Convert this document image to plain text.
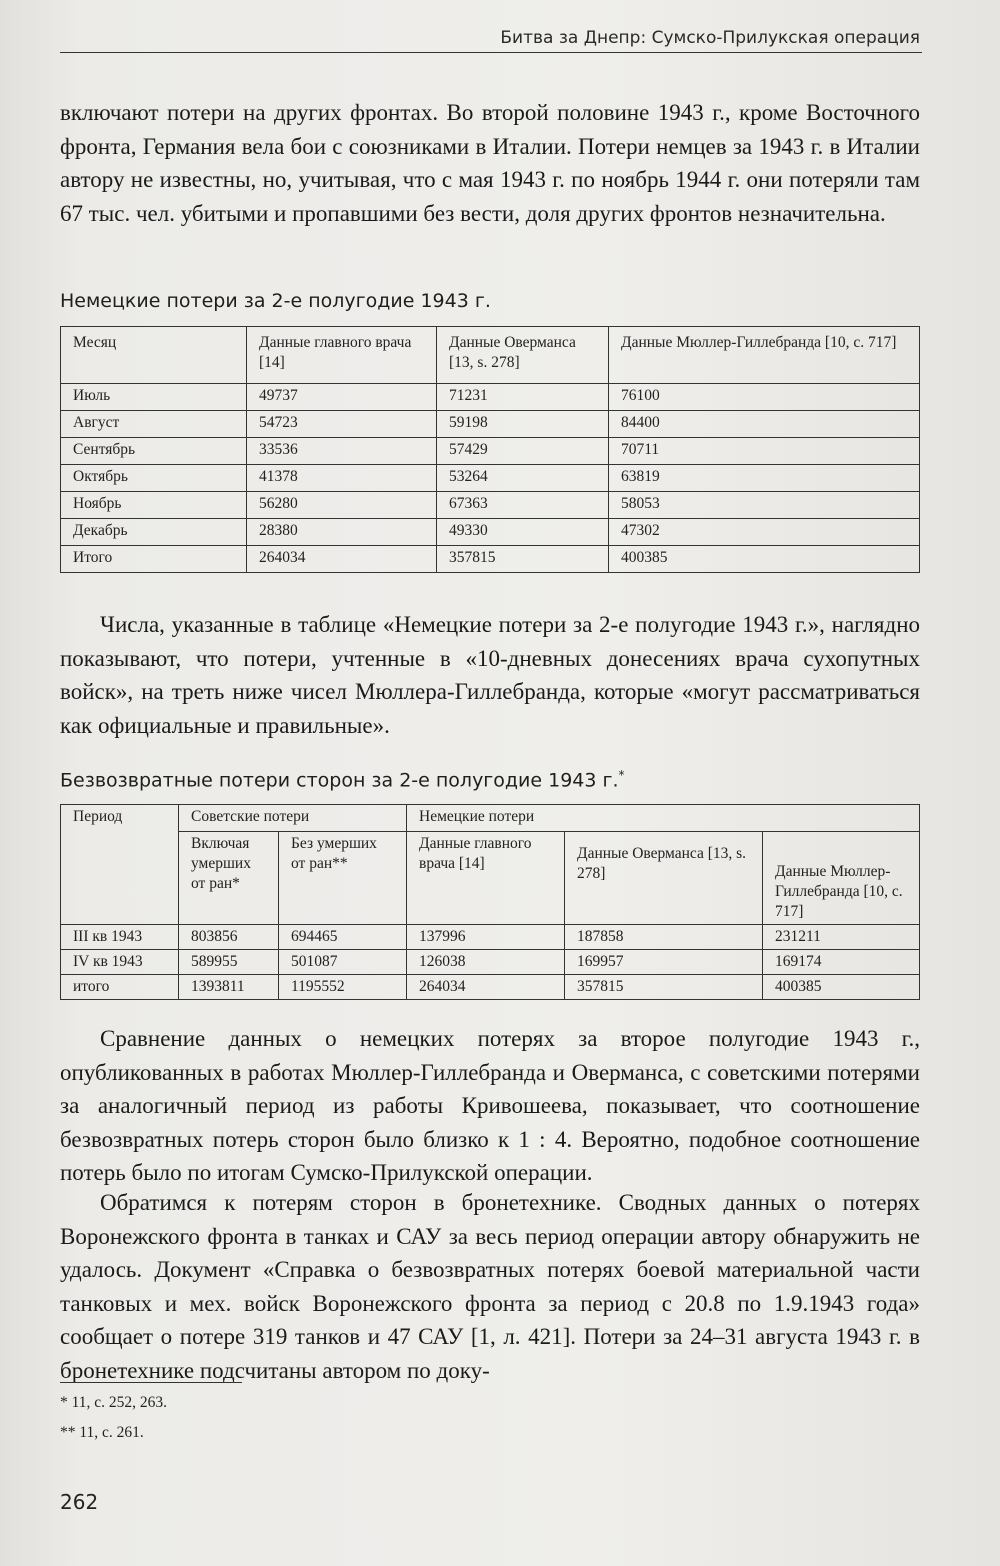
Битва за Днепр: Сумско-Прилукская операция

включают потери на других фронтах. Во второй половине 1943 г., кроме Восточного фронта, Германия вела бои с союзниками в Италии. Потери немцев за 1943 г. в Италии автору не известны, но, учитывая, что с мая 1943 г. по ноябрь 1944 г. они потеряли там 67 тыс. чел. убитыми и пропавшими без вести, доля других фронтов незначительна.

Немецкие потери за 2-е полугодие 1943 г.
Месяц	Данные главного врача [14]	Данные Оверманса [13, s. 278]	Данные Мюллер-Гиллебранда [10, с. 717]
Июль	49737	71231	76100
Август	54723	59198	84400
Сентябрь	33536	57429	70711
Октябрь	41378	53264	63819
Ноябрь	56280	67363	58053
Декабрь	28380	49330	47302
Итого	264034	357815	400385

Числа, указанные в таблице «Немецкие потери за 2-е полугодие 1943 г.», наглядно показывают, что потери, учтенные в «10-дневных донесениях врача сухопутных войск», на треть ниже чисел Мюллера-Гиллебранда, которые «могут рассматриваться как официальные и правильные».

Безвозвратные потери сторон за 2-е полугодие 1943 г.*
Период	Советские потери		Немецкие потери		
	Включая умерших от ран*	Без умерших от ран**	Данные главного врача [14]	Данные Оверманса [13, s. 278]	Данные Мюллер-Гиллебранда [10, с. 717]
III кв 1943	803856	694465	137996	187858	231211
IV кв 1943	589955	501087	126038	169957	169174
итого	1393811	1195552	264034	357815	400385

Сравнение данных о немецких потерях за второе полугодие 1943 г., опубликованных в работах Мюллер-Гиллебранда и Оверманса, с советскими потерями за аналогичный период из работы Кривошеева, показывает, что соотношение безвозвратных потерь сторон было близко к 1 : 4. Вероятно, подобное соотношение потерь было по итогам Сумско-Прилукской операции.

Обратимся к потерям сторон в бронетехнике. Сводных данных о потерях Воронежского фронта в танках и САУ за весь период операции автору обнаружить не удалось. Документ «Справка о безвозвратных потерях боевой материальной части танковых и мех. войск Воронежского фронта за период с 20.8 по 1.9.1943 года» сообщает о потере 319 танков и 47 САУ [1, л. 421]. Потери за 24–31 августа 1943 г. в бронетехнике подсчитаны автором по доку-

* 11, с. 252, 263.
** 11, с. 261.
262
